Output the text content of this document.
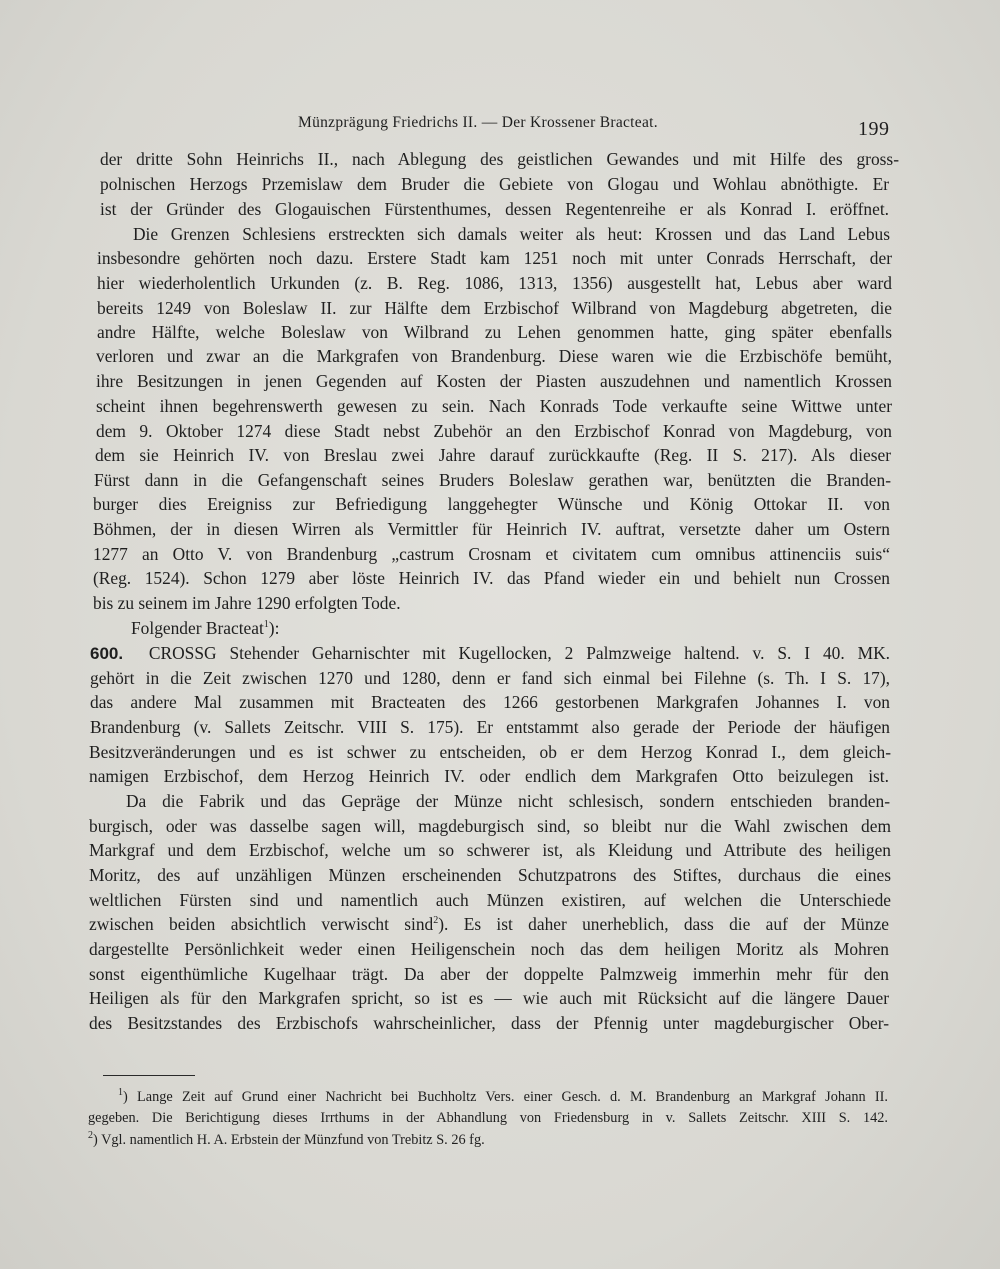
Münzprägung Friedrichs II. — Der Krossener Bracteat.	199
der dritte Sohn Heinrichs II., nach Ablegung des geistlichen Gewandes und mit Hilfe des gross-
polnischen Herzogs Przemislaw dem Bruder die Gebiete von Glogau und Wohlau abnöthigte. Er
ist der Gründer des Glogauischen Fürstenthumes, dessen Regentenreihe er als Konrad I. eröffnet.
Die Grenzen Schlesiens erstreckten sich damals weiter als heut: Krossen und das Land Lebus
insbesondre gehörten noch dazu. Erstere Stadt kam 1251 noch mit unter Conrads Herrschaft, der
hier wiederholentlich Urkunden (z. B. Reg. 1086, 1313, 1356) ausgestellt hat, Lebus aber ward
bereits 1249 von Boleslaw II. zur Hälfte dem Erzbischof Wilbrand von Magdeburg abgetreten, die
andre Hälfte, welche Boleslaw von Wilbrand zu Lehen genommen hatte, ging später ebenfalls
verloren und zwar an die Markgrafen von Brandenburg. Diese waren wie die Erzbischöfe bemüht,
ihre Besitzungen in jenen Gegenden auf Kosten der Piasten auszudehnen und namentlich Krossen
scheint ihnen begehrenswerth gewesen zu sein. Nach Konrads Tode verkaufte seine Wittwe unter
dem 9. Oktober 1274 diese Stadt nebst Zubehör an den Erzbischof Konrad von Magdeburg, von
dem sie Heinrich IV. von Breslau zwei Jahre darauf zurückkaufte (Reg. II S. 217). Als dieser
Fürst dann in die Gefangenschaft seines Bruders Boleslaw gerathen war, benützten die Branden-
burger dies Ereigniss zur Befriedigung langgehegter Wünsche und König Ottokar II. von
Böhmen, der in diesen Wirren als Vermittler für Heinrich IV. auftrat, versetzte daher um Ostern
1277 an Otto V. von Brandenburg „castrum Crosnam et civitatem cum omnibus attinenciis suis“
(Reg. 1524). Schon 1279 aber löste Heinrich IV. das Pfand wieder ein und behielt nun Crossen
bis zu seinem im Jahre 1290 erfolgten Tode.
Folgender Bracteat$^1$):
600. CROSSG Stehender Geharnischter mit Kugellocken, 2 Palmzweige haltend. v. S. I 40. MK.
gehört in die Zeit zwischen 1270 und 1280, denn er fand sich einmal bei Filehne (s. Th. I S. 17),
das andere Mal zusammen mit Bracteaten des 1266 gestorbenen Markgrafen Johannes I. von
Brandenburg (v. Sallets Zeitschr. VIII S. 175). Er entstammt also gerade der Periode der häufigen
Besitzveränderungen und es ist schwer zu entscheiden, ob er dem Herzog Konrad I., dem gleich-
namigen Erzbischof, dem Herzog Heinrich IV. oder endlich dem Markgrafen Otto beizulegen ist.
Da die Fabrik und das Gepräge der Münze nicht schlesisch, sondern entschieden branden-
burgisch, oder was dasselbe sagen will, magdeburgisch sind, so bleibt nur die Wahl zwischen dem
Markgraf und dem Erzbischof, welche um so schwerer ist, als Kleidung und Attribute des heiligen
Moritz, des auf unzähligen Münzen erscheinenden Schutzpatrons des Stiftes, durchaus die eines
weltlichen Fürsten sind und namentlich auch Münzen existiren, auf welchen die Unterschiede
zwischen beiden absichtlich verwischt sind$^2$). Es ist daher unerheblich, dass die auf der Münze
dargestellte Persönlichkeit weder einen Heiligenschein noch das dem heiligen Moritz als Mohren
sonst eigenthümliche Kugelhaar trägt. Da aber der doppelte Palmzweig immerhin mehr für den
Heiligen als für den Markgrafen spricht, so ist es — wie auch mit Rücksicht auf die längere Dauer
des Besitzstandes des Erzbischofs wahrscheinlicher, dass der Pfennig unter magdeburgischer Ober-
$^1$) Lange Zeit auf Grund einer Nachricht bei Buchholtz Vers. einer Gesch. d. M. Brandenburg an Markgraf Johann II.
gegeben. Die Berichtigung dieses Irrthums in der Abhandlung von Friedensburg in v. Sallets Zeitschr. XIII S. 142.
$^2$) Vgl. namentlich H. A. Erbstein der Münzfund von Trebitz S. 26 fg.
